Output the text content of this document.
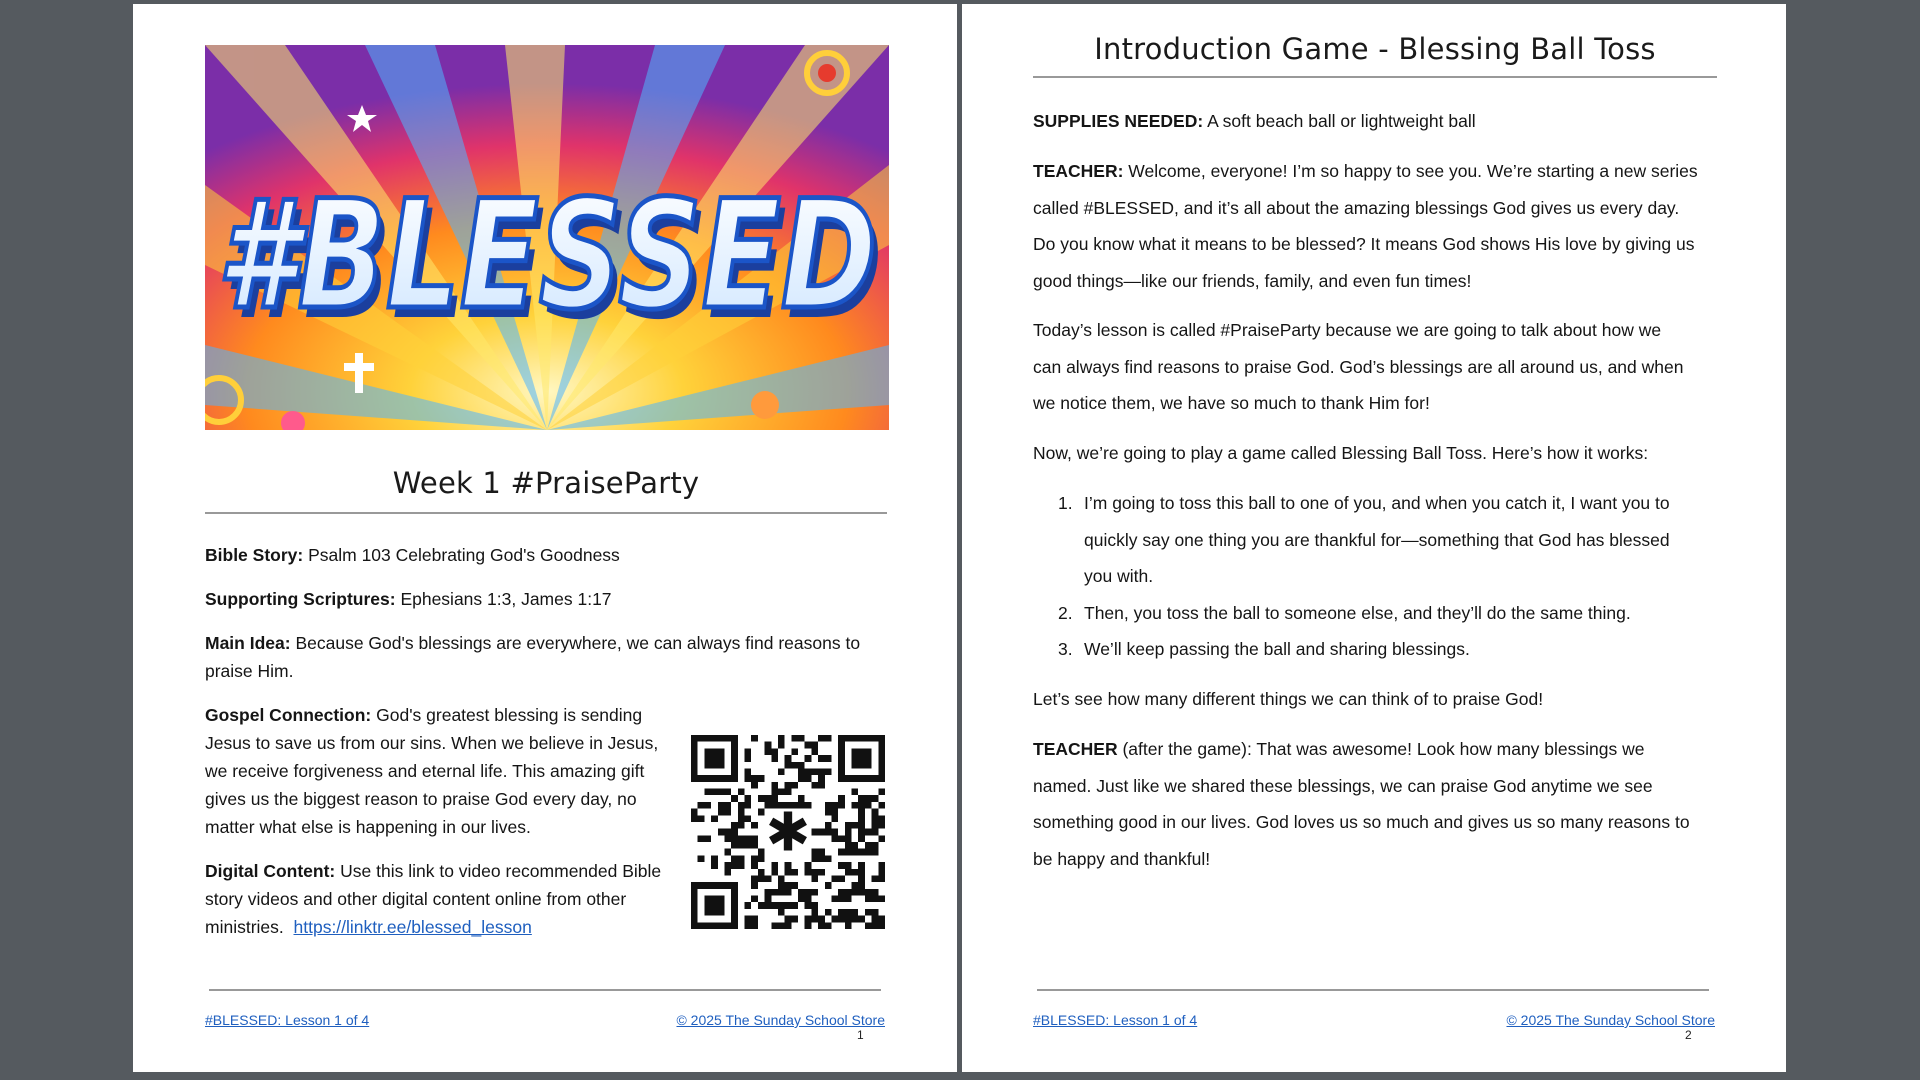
#BLESSED
#BLESSED
Week 1 #PraiseParty
Bible Story: Psalm 103 Celebrating God's Goodness
Supporting Scriptures: Ephesians 1:3, James 1:17
Main Idea: Because God's blessings are everywhere, we can always find reasons to praise Him.
Gospel Connection: God's greatest blessing is sending
Jesus to save us from our sins. When we believe in Jesus,
we receive forgiveness and eternal life. This amazing gift
gives us the biggest reason to praise God every day, no
matter what else is happening in our lives.
Digital Content: Use this link to video recommended Bible
story videos and other digital content online from other
ministries. https://linktr.ee/blessed_lesson
✱
#BLESSED: Lesson 1 of 4	© 2025 The Sunday School Store
1
Introduction Game - Blessing Ball Toss
SUPPLIES NEEDED: A soft beach ball or lightweight ball
TEACHER: Welcome, everyone! I’m so happy to see you. We’re starting a new series
called #BLESSED, and it’s all about the amazing blessings God gives us every day.
Do you know what it means to be blessed? It means God shows His love by giving us
good things—like our friends, family, and even fun times!
Today’s lesson is called #PraiseParty because we are going to talk about how we
can always find reasons to praise God. God’s blessings are all around us, and when
we notice them, we have so much to thank Him for!
Now, we’re going to play a game called Blessing Ball Toss. Here’s how it works:
1. I’m going to toss this ball to one of you, and when you catch it, I want you to
quickly say one thing you are thankful for—something that God has blessed
you with.
2. Then, you toss the ball to someone else, and they’ll do the same thing.
3. We’ll keep passing the ball and sharing blessings.
Let’s see how many different things we can think of to praise God!
TEACHER (after the game): That was awesome! Look how many blessings we
named. Just like we shared these blessings, we can praise God anytime we see
something good in our lives. God loves us so much and gives us so many reasons to
be happy and thankful!
#BLESSED: Lesson 1 of 4	© 2025 The Sunday School Store
2
